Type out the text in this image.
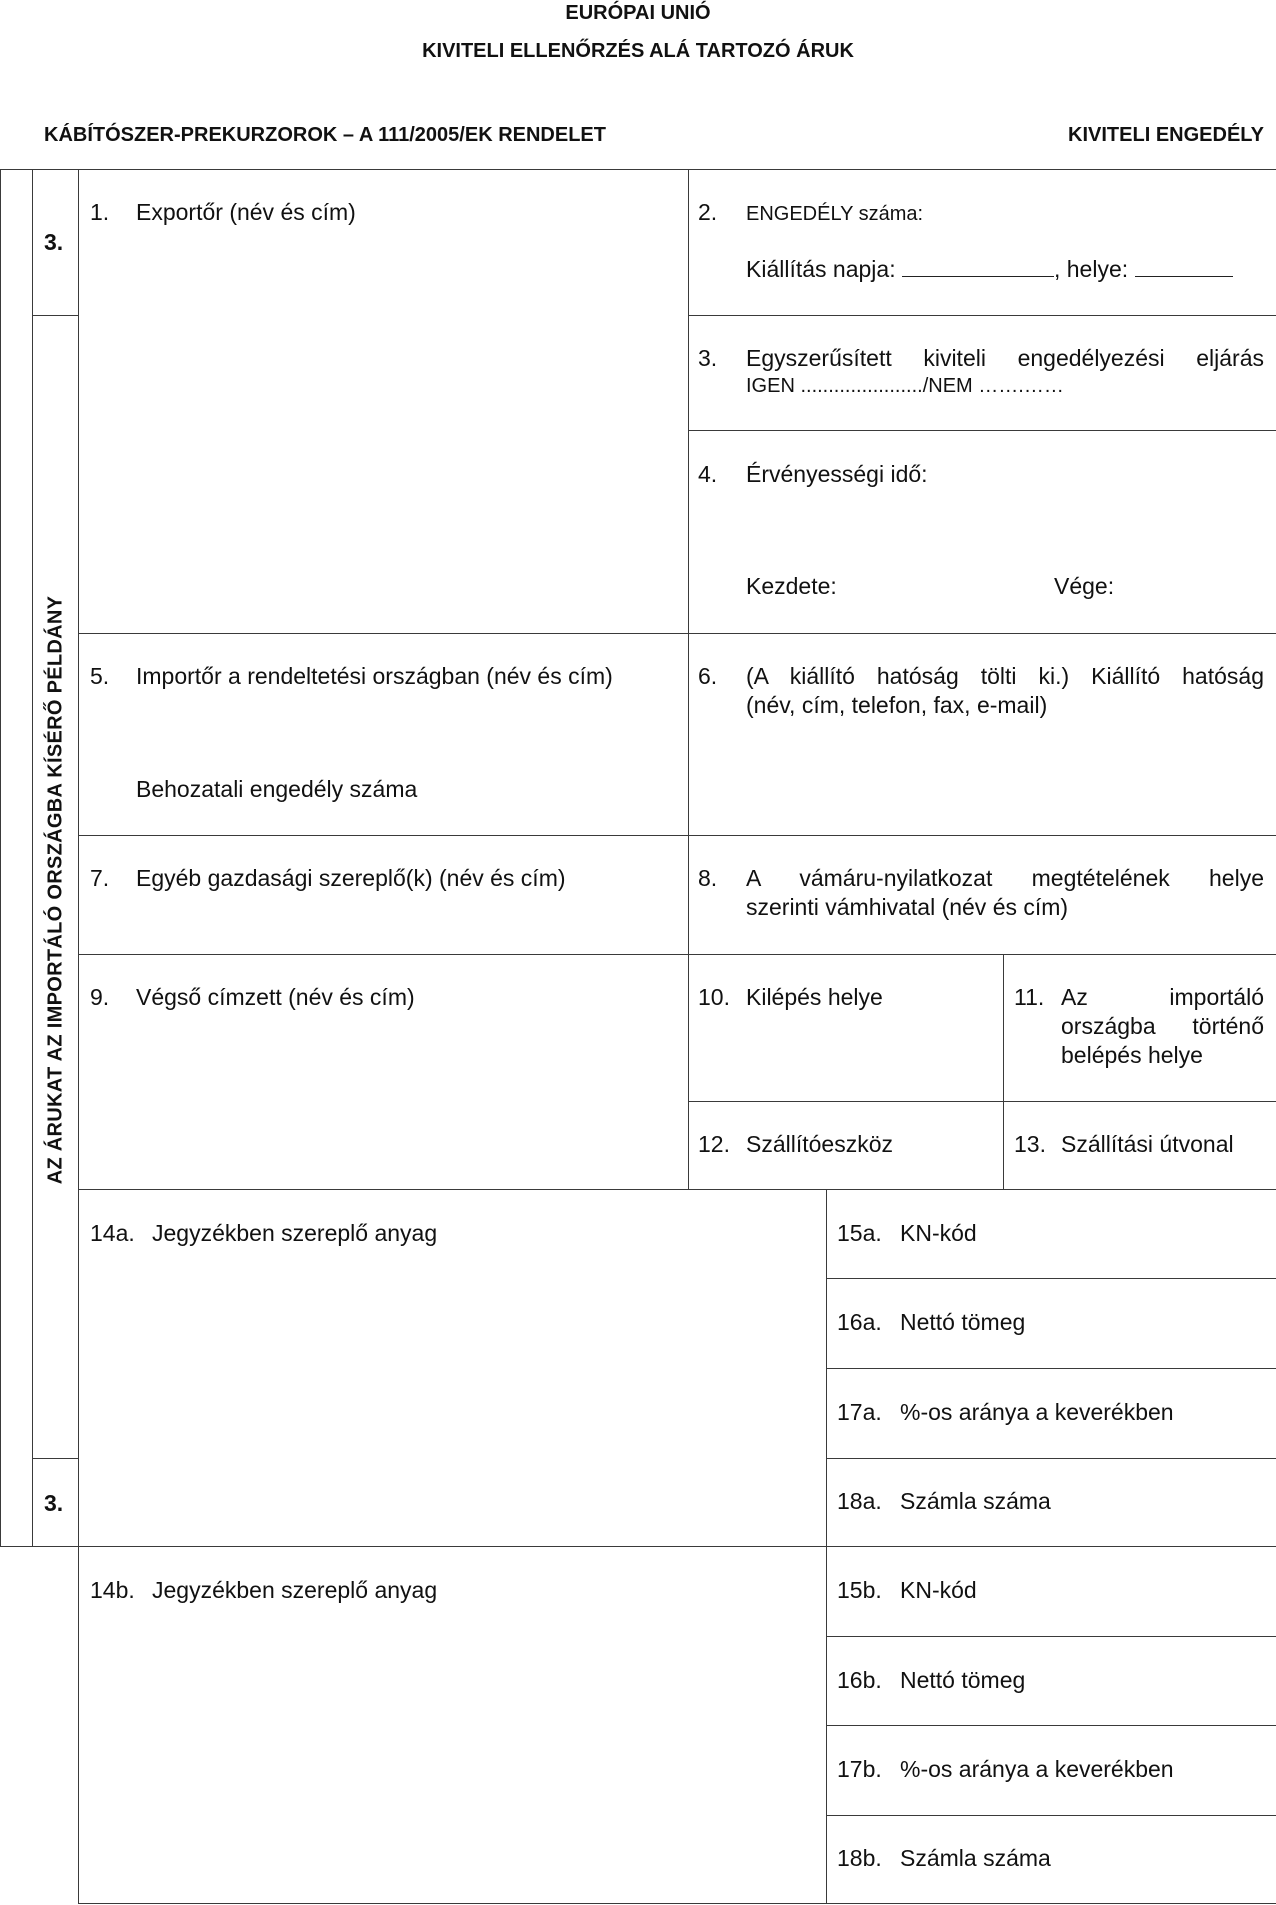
EURÓPAI UNIÓ
KIVITELI ELLENŐRZÉS ALÁ TARTOZÓ ÁRUK
KÁBÍTÓSZER-PREKURZOROK – A 111/2005/EK RENDELET	KIVITELI ENGEDÉLY
3.
3.
AZ ÁRUKAT AZ IMPORTÁLÓ ORSZÁGBA KÍSÉRŐ PÉLDÁNY
1. Exportőr (név és cím)	2. ENGEDÉLY száma:
Kiállítás napja:	, helye:
3. Egyszerűsített kiviteli engedélyezési eljárás
IGEN ....................../NEM …….……
4. Érvényességi idő:
Kezdete:	Vége:
5. Importőr a rendeltetési országban (név és cím)
Behozatali engedély száma
6. (A kiállító hatóság tölti ki.) Kiállító hatóság
(név, cím, telefon, fax, e-mail)
7. Egyéb gazdasági szereplő(k) (név és cím)	8. A vámáru-nyilatkozat megtételének helye
szerinti vámhivatal (név és cím)
9. Végső címzett (név és cím)	10. Kilépés helye	11. Az importáló
országba történő
belépés helye
12. Szállítóeszköz	13. Szállítási útvonal
14a. Jegyzékben szereplő anyag	15a. KN-kód
16a. Nettó tömeg
17a. %-os aránya a keverékben
18a. Számla száma
14b. Jegyzékben szereplő anyag	15b. KN-kód
16b. Nettó tömeg
17b. %-os aránya a keverékben
18b. Számla száma
